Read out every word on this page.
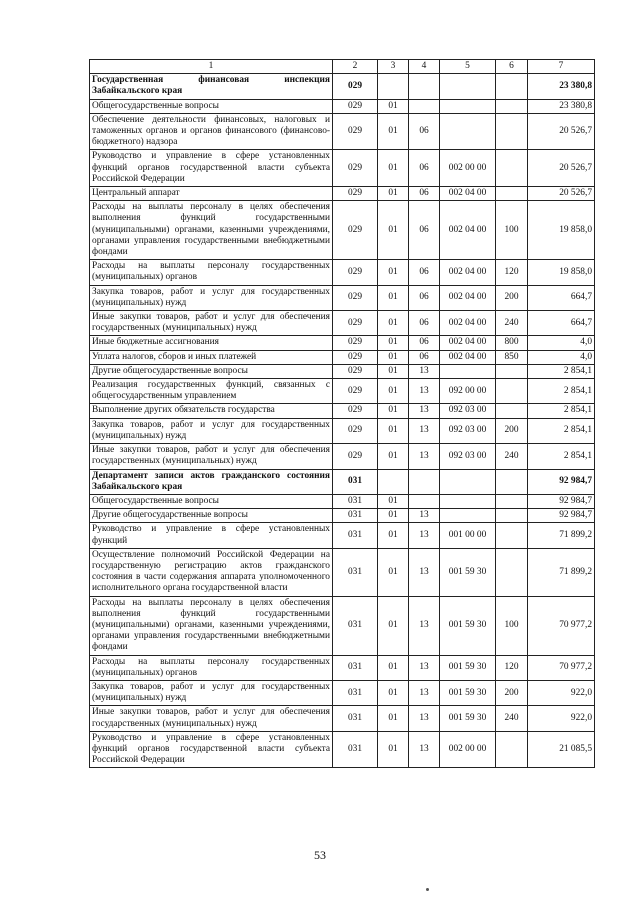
1	2	3	4	5	6	7
Государственная финансовая инспекция Забайкальского края	029					23 380,8
Общегосударственные вопросы	029	01				23 380,8
Обеспечение деятельности финансовых, налоговых и таможенных органов и органов финансового (финансово-бюджетного) надзора	029	01	06			20 526,7
Руководство и управление в сфере установленных функций органов государственной власти субъекта Российской Федерации	029	01	06	002 00 00		20 526,7
Центральный аппарат	029	01	06	002 04 00		20 526,7
Расходы на выплаты персоналу в целях обеспечения выполнения функций государственными (муниципальными) органами, казенными учреждениями, органами управления государственными внебюджетными фондами	029	01	06	002 04 00	100	19 858,0
Расходы на выплаты персоналу государственных (муниципальных) органов	029	01	06	002 04 00	120	19 858,0
Закупка товаров, работ и услуг для государственных (муниципальных) нужд	029	01	06	002 04 00	200	664,7
Иные закупки товаров, работ и услуг для обеспечения государственных (муниципальных) нужд	029	01	06	002 04 00	240	664,7
Иные бюджетные ассигнования	029	01	06	002 04 00	800	4,0
Уплата налогов, сборов и иных платежей	029	01	06	002 04 00	850	4,0
Другие общегосударственные вопросы	029	01	13			2 854,1
Реализация государственных функций, связанных с общегосударственным управлением	029	01	13	092 00 00		2 854,1
Выполнение других обязательств государства	029	01	13	092 03 00		2 854,1
Закупка товаров, работ и услуг для государственных (муниципальных) нужд	029	01	13	092 03 00	200	2 854,1
Иные закупки товаров, работ и услуг для обеспечения государственных (муниципальных) нужд	029	01	13	092 03 00	240	2 854,1
Департамент записи актов гражданского состояния Забайкальского края	031					92 984,7
Общегосударственные вопросы	031	01				92 984,7
Другие общегосударственные вопросы	031	01	13			92 984,7
Руководство и управление в сфере установленных функций	031	01	13	001 00 00		71 899,2
Осуществление полномочий Российской Федерации на государственную регистрацию актов гражданского состояния в части содержания аппарата уполномоченного исполнительного органа государственной власти	031	01	13	001 59 30		71 899,2
Расходы на выплаты персоналу в целях обеспечения выполнения функций государственными (муниципальными) органами, казенными учреждениями, органами управления государственными внебюджетными фондами	031	01	13	001 59 30	100	70 977,2
Расходы на выплаты персоналу государственных (муниципальных) органов	031	01	13	001 59 30	120	70 977,2
Закупка товаров, работ и услуг для государственных (муниципальных) нужд	031	01	13	001 59 30	200	922,0
Иные закупки товаров, работ и услуг для обеспечения государственных (муниципальных) нужд	031	01	13	001 59 30	240	922,0
Руководство и управление в сфере установленных функций органов государственной власти субъекта Российской Федерации	031	01	13	002 00 00		21 085,5
53
